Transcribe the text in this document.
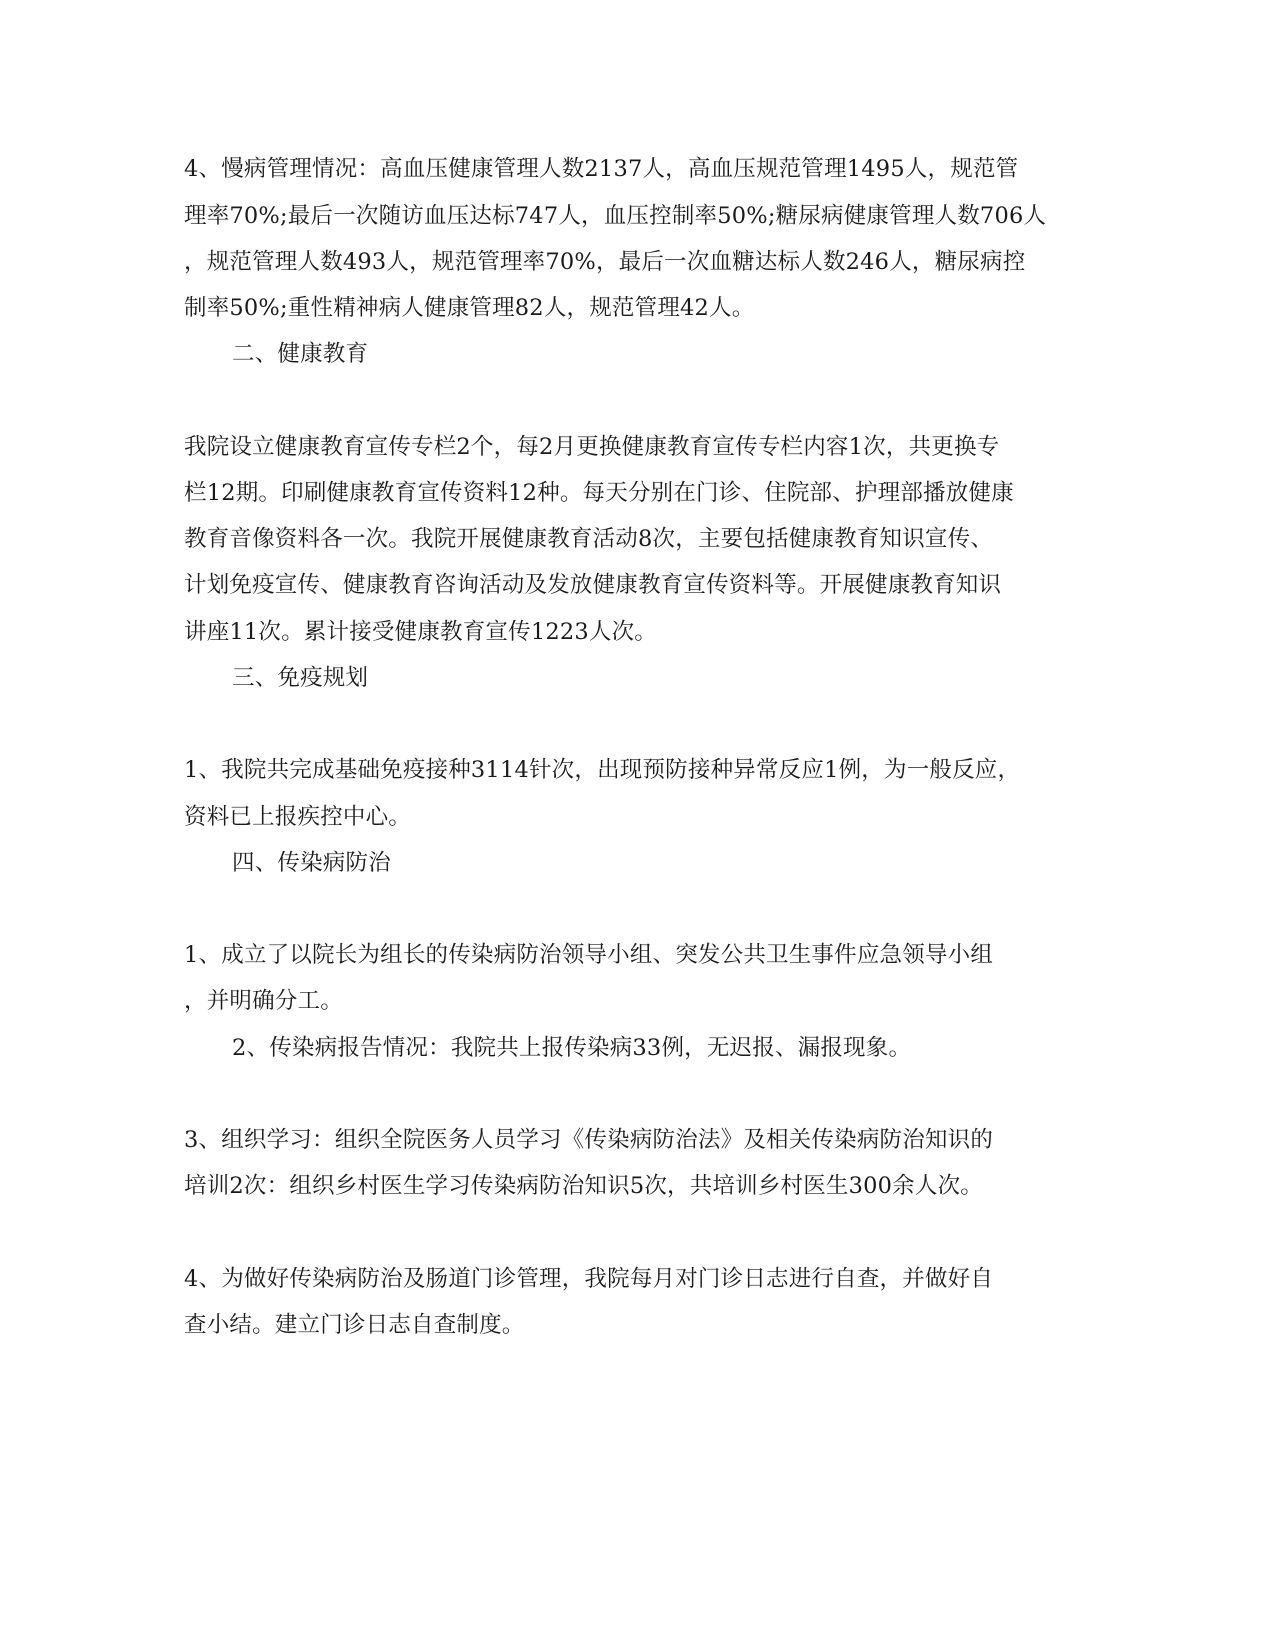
4、慢病管理情况：高血压健康管理人数2137人，高血压规范管理1495人，规范管
理率70%;最后一次随访血压达标747人，血压控制率50%;糖尿病健康管理人数706人
，规范管理人数493人，规范管理率70%，最后一次血糖达标人数246人，糖尿病控
制率50%;重性精神病人健康管理82人，规范管理42人。
二、健康教育
我院设立健康教育宣传专栏2个，每2月更换健康教育宣传专栏内容1次，共更换专
栏12期。印刷健康教育宣传资料12种。每天分别在门诊、住院部、护理部播放健康
教育音像资料各一次。我院开展健康教育活动8次，主要包括健康教育知识宣传、
计划免疫宣传、健康教育咨询活动及发放健康教育宣传资料等。开展健康教育知识
讲座11次。累计接受健康教育宣传1223人次。
三、免疫规划
1、我院共完成基础免疫接种3114针次，出现预防接种异常反应1例，为一般反应，
资料已上报疾控中心。
四、传染病防治
1、成立了以院长为组长的传染病防治领导小组、突发公共卫生事件应急领导小组
，并明确分工。
2、传染病报告情况：我院共上报传染病33例，无迟报、漏报现象。
3、组织学习：组织全院医务人员学习《传染病防治法》及相关传染病防治知识的
培训2次：组织乡村医生学习传染病防治知识5次，共培训乡村医生300余人次。
4、为做好传染病防治及肠道门诊管理，我院每月对门诊日志进行自查，并做好自
查小结。建立门诊日志自查制度。
